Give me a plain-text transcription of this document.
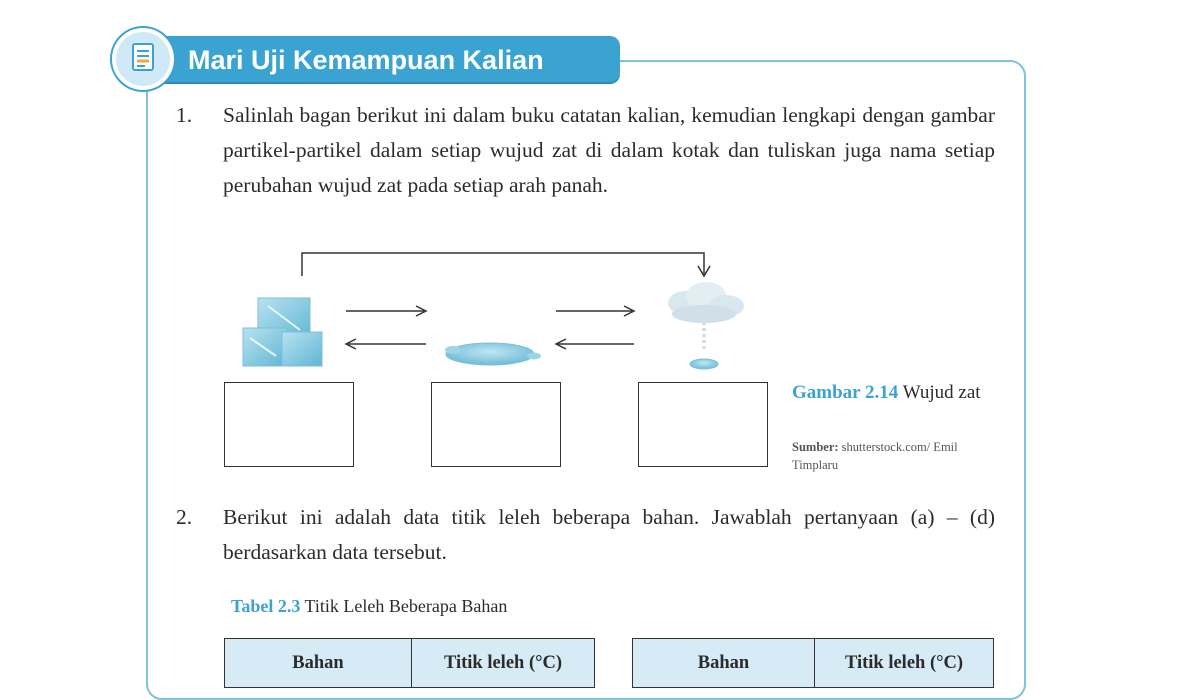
Mari Uji Kemampuan Kalian
1. Salinlah bagan berikut ini dalam buku catatan kalian, kemudian lengkapi dengan gambar partikel-partikel dalam setiap wujud zat di dalam kotak dan tuliskan juga nama setiap perubahan wujud zat pada setiap arah panah.
Gambar 2.14 Wujud zat
Sumber: shutterstock.com/ Emil Timplaru
2. Berikut ini adalah data titik leleh beberapa bahan. Jawablah pertanyaan (a) – (d) berdasarkan data tersebut.
Tabel 2.3 Titik Leleh Beberapa Bahan
Bahan	Titik leleh (°C)	Bahan	Titik leleh (°C)
